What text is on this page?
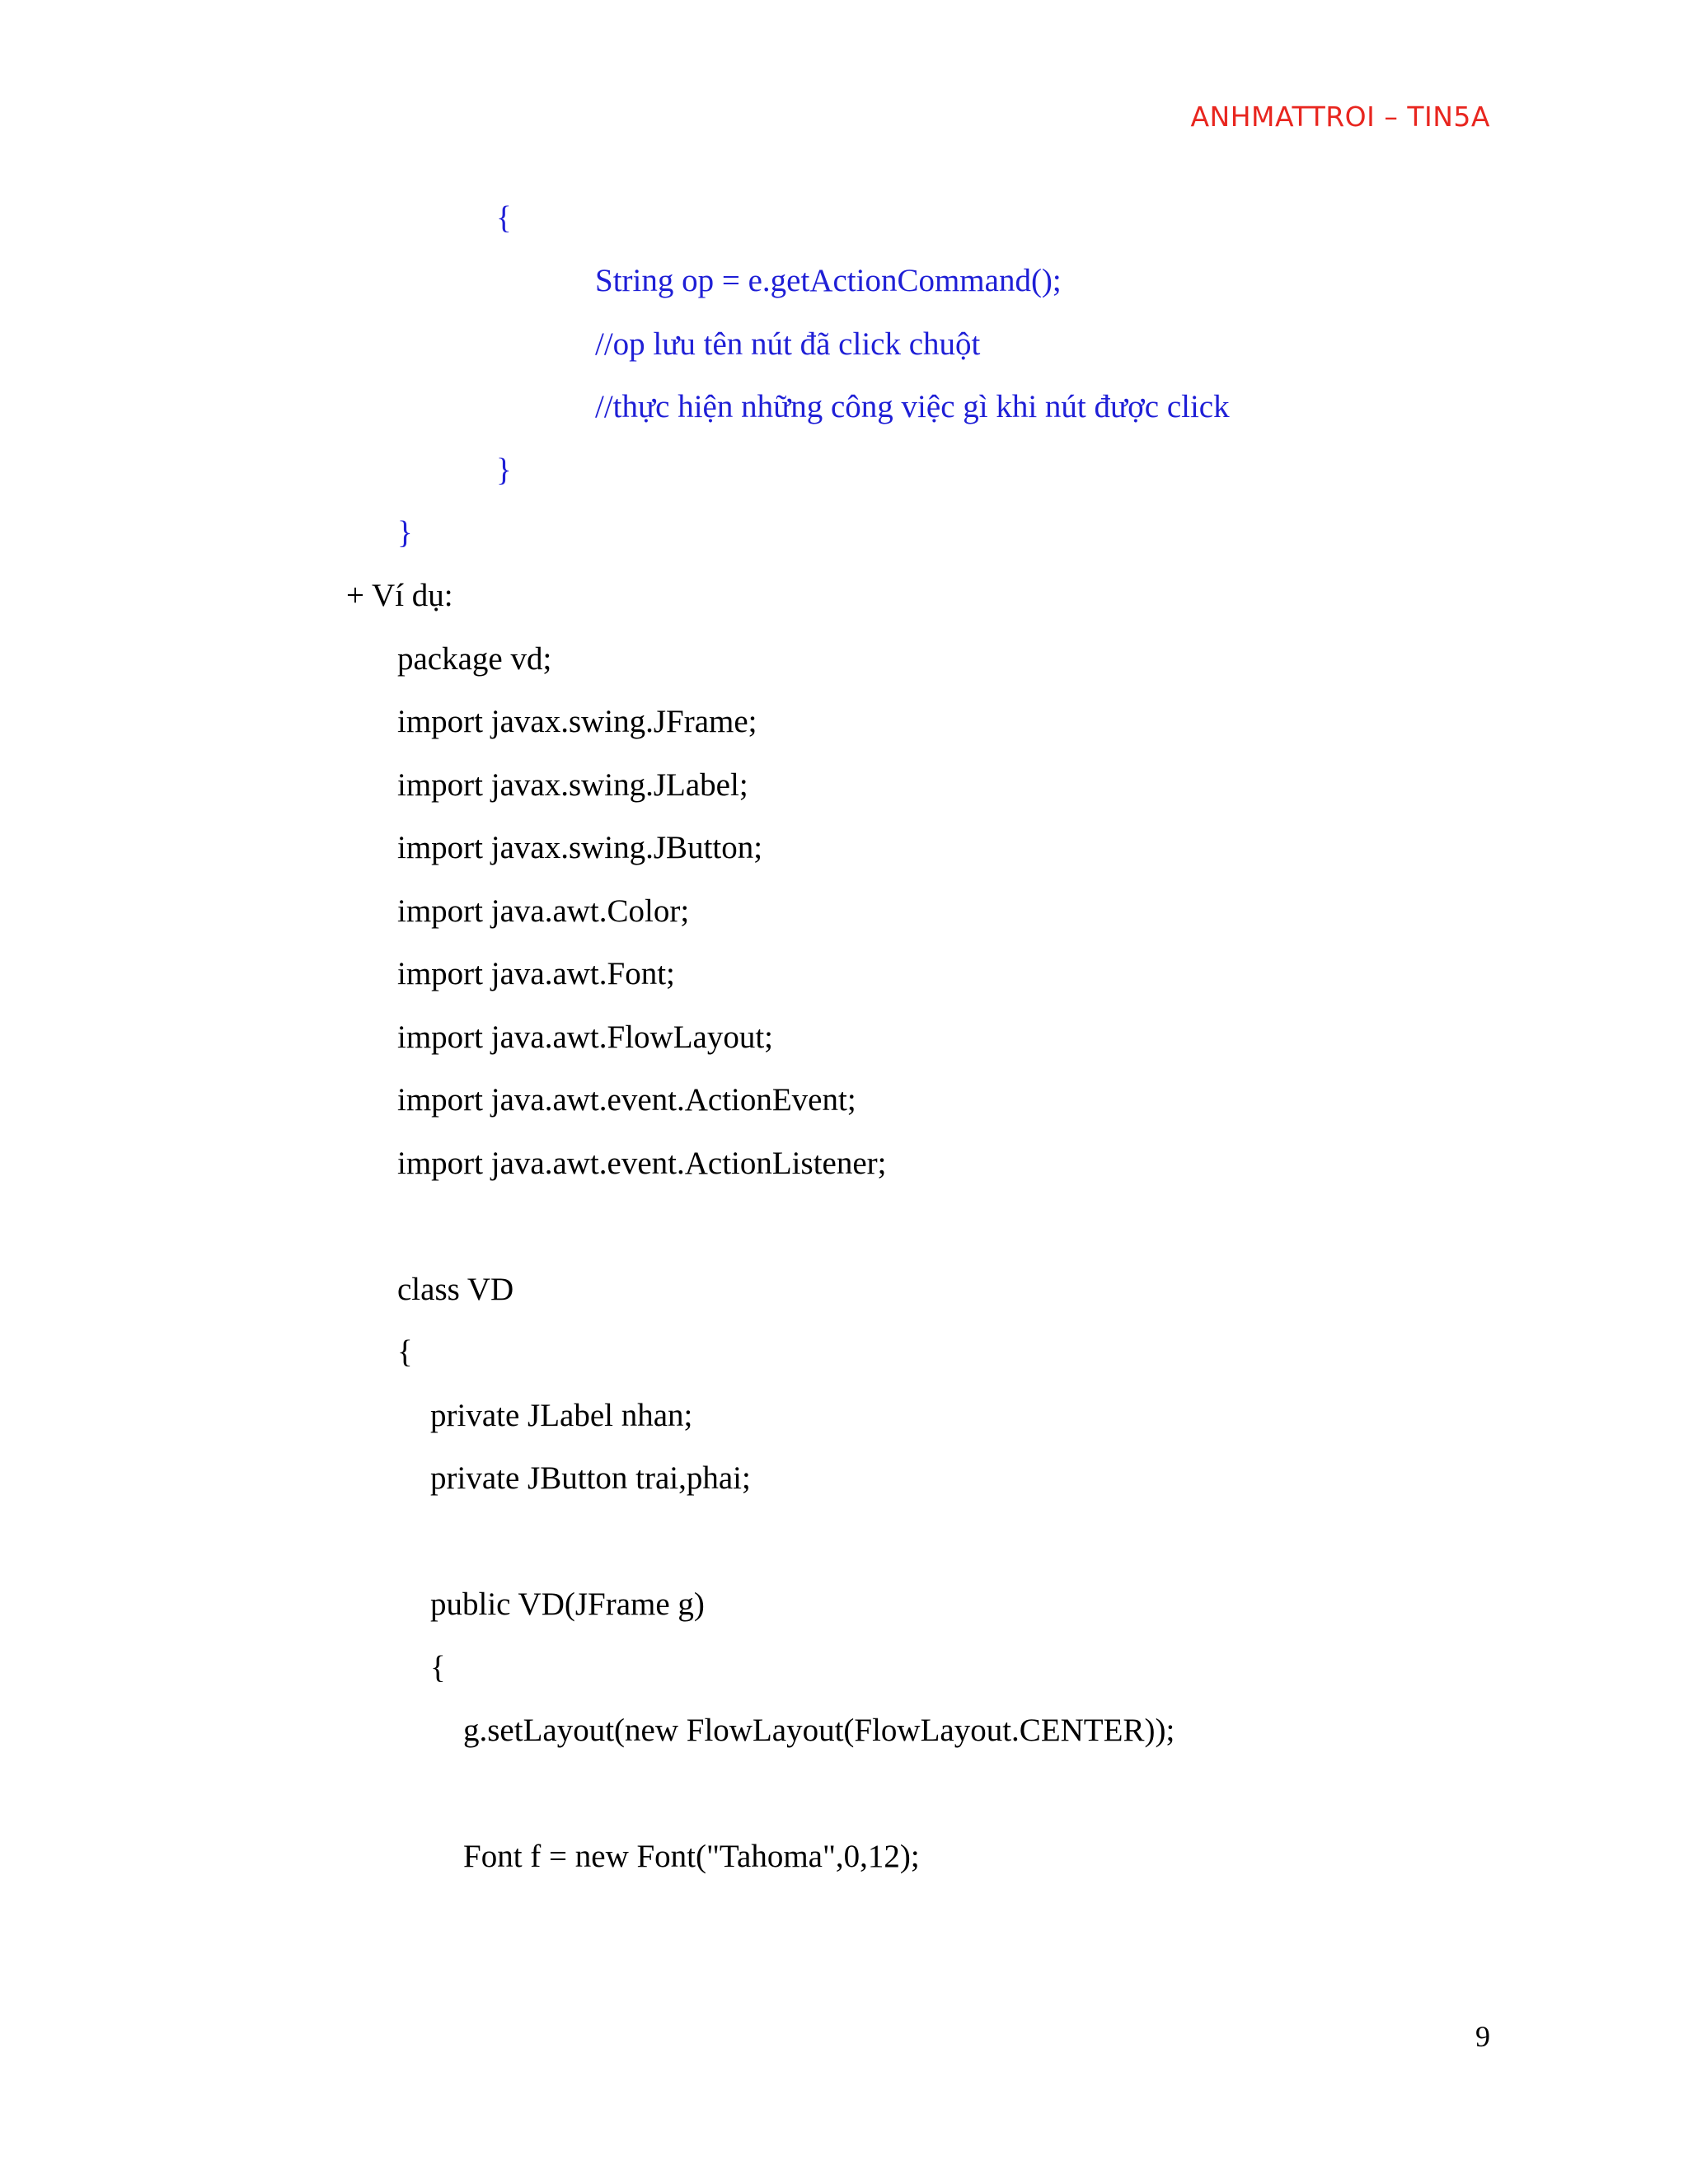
ANHMATTROI – TIN5A
{
String op = e.getActionCommand();
//op lưu tên nút đã click chuột
//thực hiện những công việc gì khi nút được click
}
}
+ Ví dụ:
package vd;
import javax.swing.JFrame;
import javax.swing.JLabel;
import javax.swing.JButton;
import java.awt.Color;
import java.awt.Font;
import java.awt.FlowLayout;
import java.awt.event.ActionEvent;
import java.awt.event.ActionListener;
class VD
{
private JLabel nhan;
private JButton trai,phai;
public VD(JFrame g)
{
g.setLayout(new FlowLayout(FlowLayout.CENTER));
Font f = new Font("Tahoma",0,12);
9
